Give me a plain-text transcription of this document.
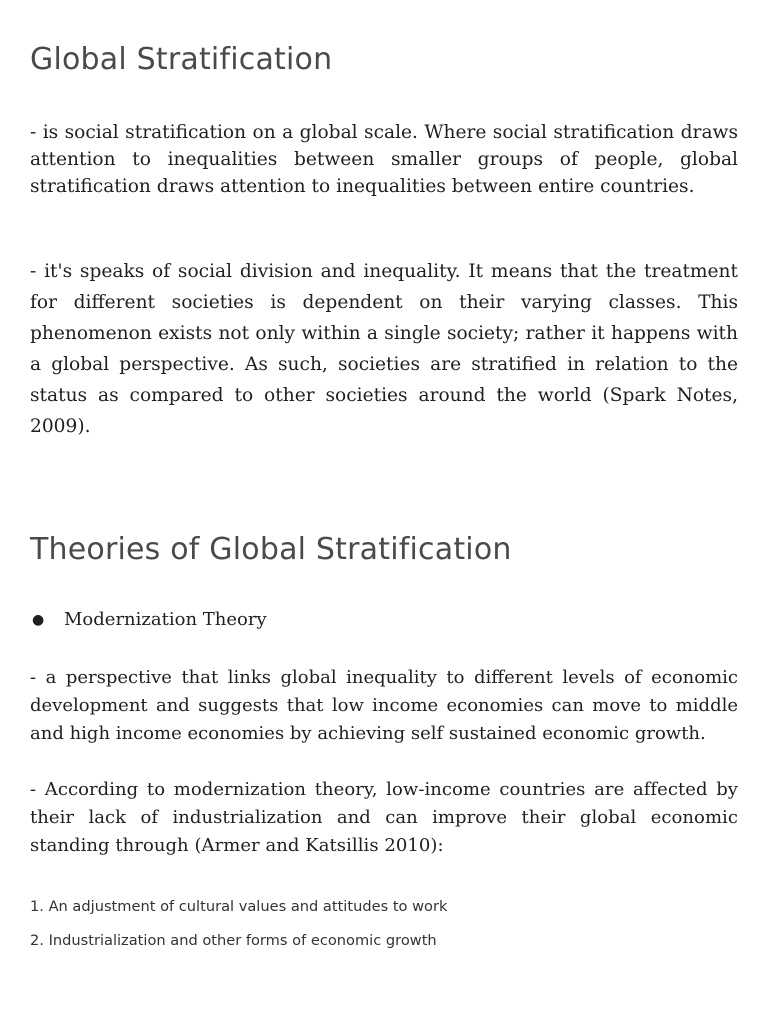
Global Stratification

- is social stratification on a global scale. Where social stratification draws attention to inequalities between smaller groups of people, global stratification draws attention to inequalities between entire countries.

- it's speaks of social division and inequality. It means that the treatment for different societies is dependent on their varying classes. This phenomenon exists not only within a single society; rather it happens with a global perspective. As such, societies are stratified in relation to the status as compared to other societies around the world (Spark Notes, 2009).

Theories of Global Stratification
●	Modernization Theory

- a perspective that links global inequality to different levels of economic development and suggests that low income economies can move to middle and high income economies by achieving self sustained economic growth.

- According to modernization theory, low-income countries are affected by their lack of industrialization and can improve their global economic standing through (Armer and Katsillis 2010):

1. An adjustment of cultural values and attitudes to work

2. Industrialization and other forms of economic growth
